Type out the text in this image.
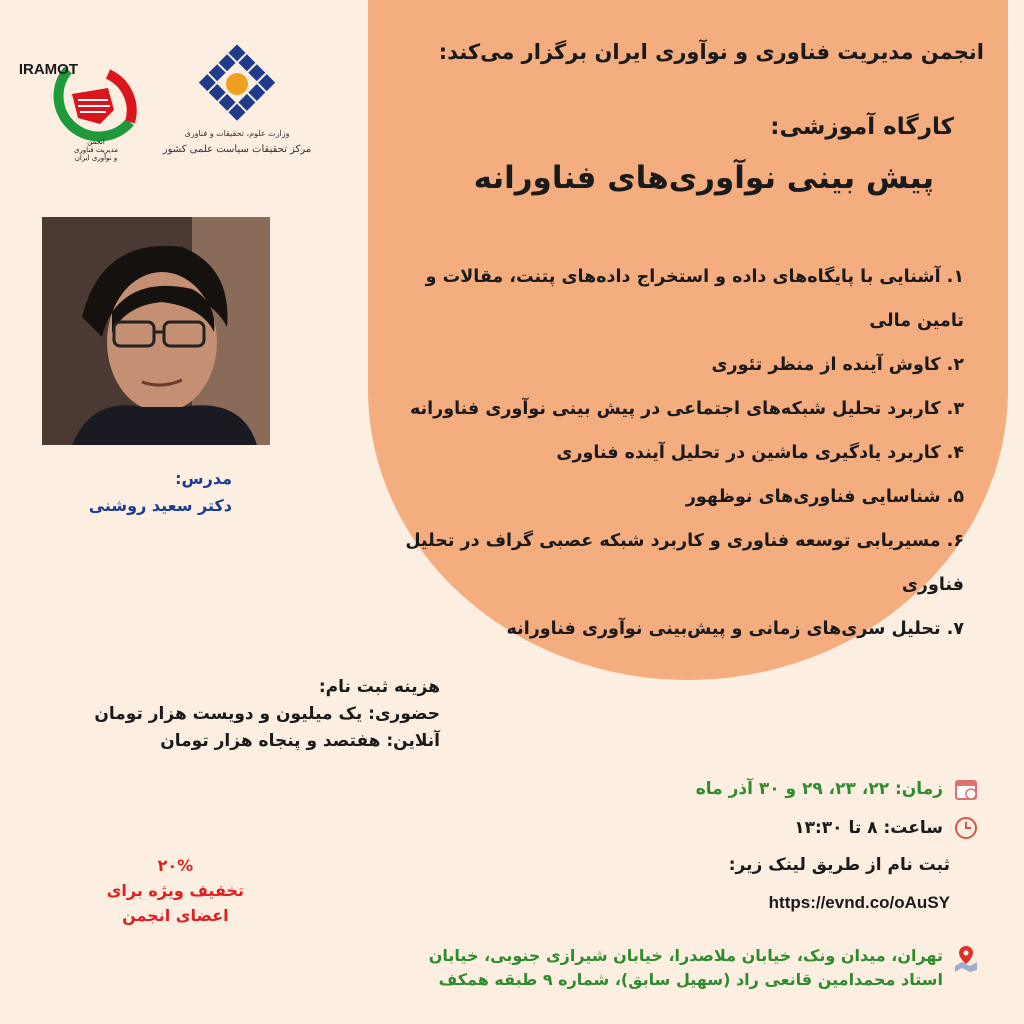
IRAMOT
انجمن
مدیریت فناوری
و نوآوری ایران
وزارت علوم، تحقیقات و فناوری
مرکز تحقیقات سیاست علمی کشور
انجمن مدیریت فناوری و نوآوری ایران برگزار می‌کند:
کارگاه آموزشی:
پیش بینی نوآوری‌های فناورانه
۱. آشنایی با پایگاه‌های داده و استخراج داده‌های پتنت، مقالات و تامین مالی
۲. کاوش آینده از منظر تئوری
۳. کاربرد تحلیل شبکه‌های اجتماعی در پیش بینی نوآوری فناورانه
۴. کاربرد یادگیری ماشین در تحلیل آینده فناوری
۵. شناسایی فناوری‌های نوظهور
۶. مسیریابی توسعه فناوری و کاربرد شبکه عصبی گراف در تحلیل فناوری
۷. تحلیل سری‌های زمانی و پیش‌بینی نوآوری فناورانه
مدرس:
دکتر سعید روشنی
هزینه ثبت نام:
حضوری: یک میلیون و دویست هزار تومان
آنلاین: هفتصد و پنجاه هزار تومان
۲۰%
تخفیف ویژه برای
اعضای انجمن
زمان: ۲۲، ۲۳، ۲۹ و ۳۰ آذر ماه
ساعت: ۸ تا ۱۳:۳۰
ثبت نام از طریق لینک زیر:
https://evnd.co/oAuSY
تهران، میدان ونک، خیابان ملاصدرا، خیابان شیرازی جنوبی، خیابان استاد محمدامین قانعی راد (سهیل سابق)، شماره ۹ طبقه همکف
